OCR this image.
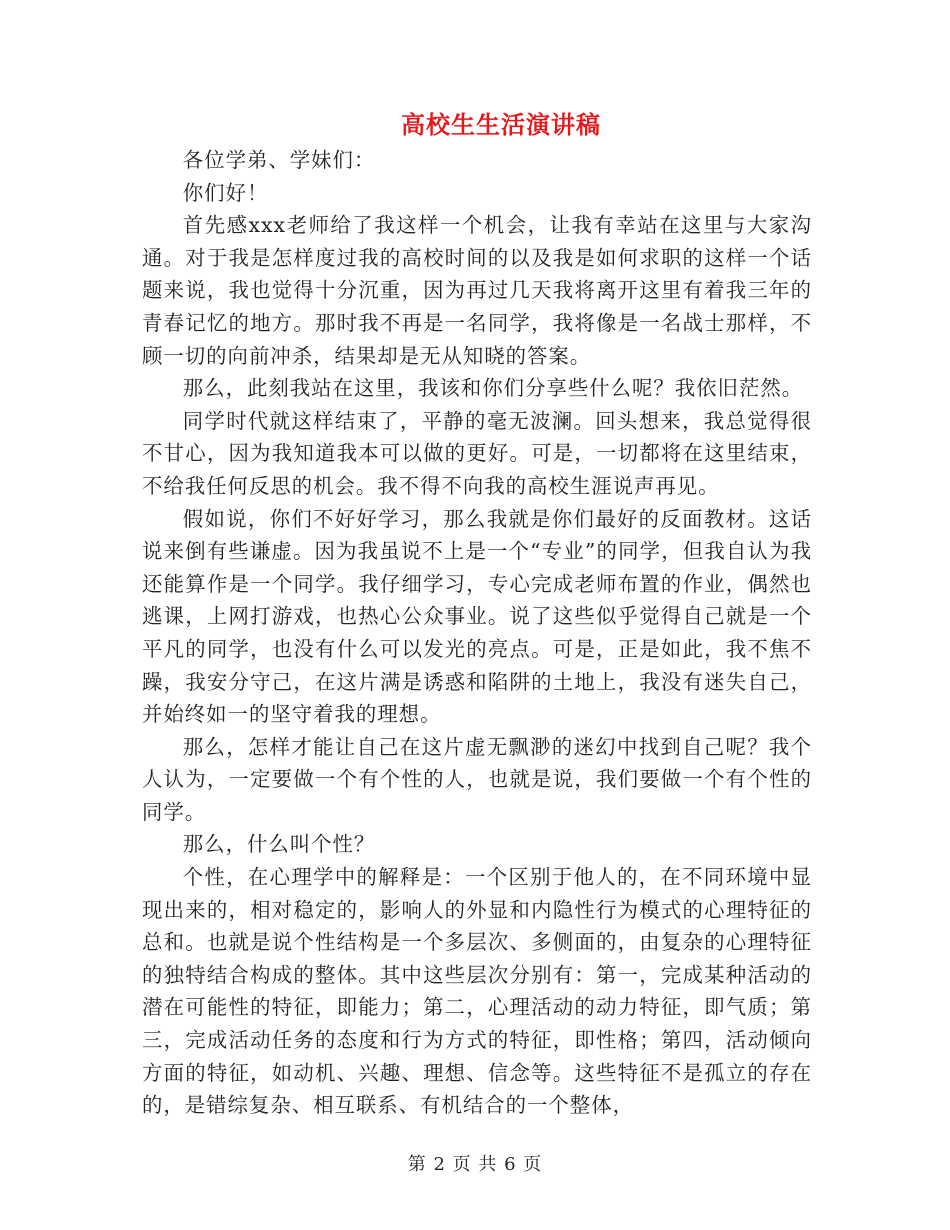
高校生生活演讲稿

各位学弟、学妹们：

你们好！

首先感xxx老师给了我这样一个机会，让我有幸站在这里与大家沟通。对于我是怎样度过我的高校时间的以及我是如何求职的这样一个话题来说，我也觉得十分沉重，因为再过几天我将离开这里有着我三年的青春记忆的地方。那时我不再是一名同学，我将像是一名战士那样，不顾一切的向前冲杀，结果却是无从知晓的答案。

那么，此刻我站在这里，我该和你们分享些什么呢？我依旧茫然。

同学时代就这样结束了，平静的毫无波澜。回头想来，我总觉得很不甘心，因为我知道我本可以做的更好。可是，一切都将在这里结束，不给我任何反思的机会。我不得不向我的高校生涯说声再见。

假如说，你们不好好学习，那么我就是你们最好的反面教材。这话说来倒有些谦虚。因为我虽说不上是一个“专业”的同学，但我自认为我还能算作是一个同学。我仔细学习，专心完成老师布置的作业，偶然也逃课，上网打游戏，也热心公众事业。说了这些似乎觉得自己就是一个平凡的同学，也没有什么可以发光的亮点。可是，正是如此，我不焦不躁，我安分守己，在这片满是诱惑和陷阱的土地上，我没有迷失自己，并始终如一的坚守着我的理想。

那么，怎样才能让自己在这片虚无飘渺的迷幻中找到自己呢？我个人认为，一定要做一个有个性的人，也就是说，我们要做一个有个性的同学。

那么，什么叫个性？

个性，在心理学中的解释是：一个区别于他人的，在不同环境中显现出来的，相对稳定的，影响人的外显和内隐性行为模式的心理特征的总和。也就是说个性结构是一个多层次、多侧面的，由复杂的心理特征的独特结合构成的整体。其中这些层次分别有：第一，完成某种活动的潜在可能性的特征，即能力；第二，心理活动的动力特征，即气质；第三，完成活动任务的态度和行为方式的特征，即性格；第四，活动倾向方面的特征，如动机、兴趣、理想、信念等。这些特征不是孤立的存在的，是错综复杂、相互联系、有机结合的一个整体，

第 2 页 共 6 页
